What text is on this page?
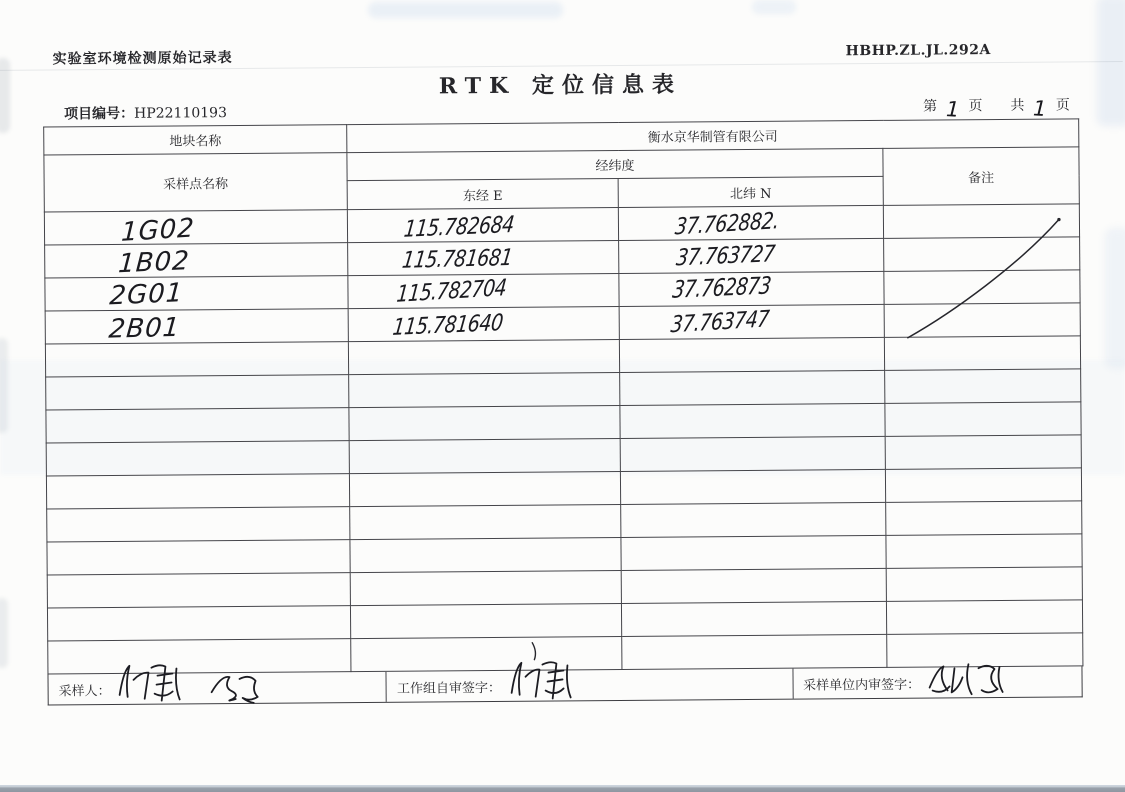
实验室环境检测原始记录表	HBHP.ZL.JL.292A
RTK 定位信息表
项目编号：HP22110193	第 1 页 共 1 页
地块名称	衡水京华制管有限公司		
采样点名称	经纬度		备注
	东经 E	北纬 N	
1G02	115.782684	37.762882.	
1B02	115.781681	37.763727	
2G01	115.782704	37.762873	
2B01	115.781640	37.763747	

采样人：	工作组自审签字：	采样单位内审签字：
